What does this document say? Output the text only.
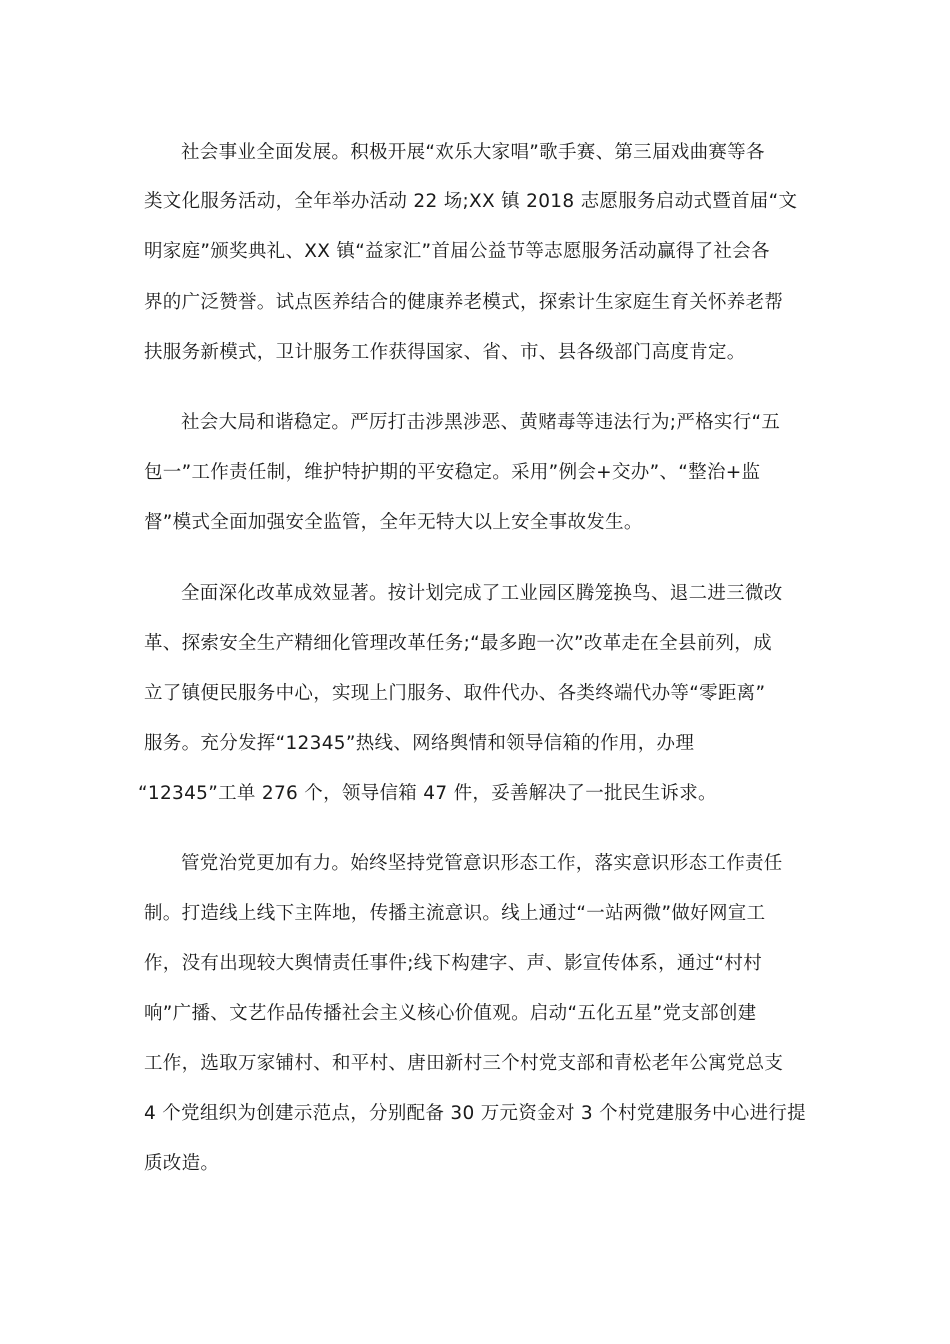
社会事业全面发展。积极开展“欢乐大家唱”歌手赛、第三届戏曲赛等各
类文化服务活动，全年举办活动 22 场;XX 镇 2018 志愿服务启动式暨首届“文
明家庭”颁奖典礼、XX 镇“益家汇”首届公益节等志愿服务活动赢得了社会各
界的广泛赞誉。试点医养结合的健康养老模式，探索计生家庭生育关怀养老帮
扶服务新模式，卫计服务工作获得国家、省、市、县各级部门高度肯定。
社会大局和谐稳定。严厉打击涉黑涉恶、黄赌毒等违法行为;严格实行“五
包一”工作责任制，维护特护期的平安稳定。采用”例会+交办”、“整治+监
督”模式全面加强安全监管，全年无特大以上安全事故发生。
全面深化改革成效显著。按计划完成了工业园区腾笼换鸟、退二进三微改
革、探索安全生产精细化管理改革任务;“最多跑一次”改革走在全县前列，成
立了镇便民服务中心，实现上门服务、取件代办、各类终端代办等“零距离”
服务。充分发挥“12345”热线、网络舆情和领导信箱的作用，办理
“12345”工单 276 个，领导信箱 47 件，妥善解决了一批民生诉求。
管党治党更加有力。始终坚持党管意识形态工作，落实意识形态工作责任
制。打造线上线下主阵地，传播主流意识。线上通过“一站两微”做好网宣工
作，没有出现较大舆情责任事件;线下构建字、声、影宣传体系，通过“村村
响”广播、文艺作品传播社会主义核心价值观。启动“五化五星”党支部创建
工作，选取万家铺村、和平村、唐田新村三个村党支部和青松老年公寓党总支
4 个党组织为创建示范点，分别配备 30 万元资金对 3 个村党建服务中心进行提
质改造。
